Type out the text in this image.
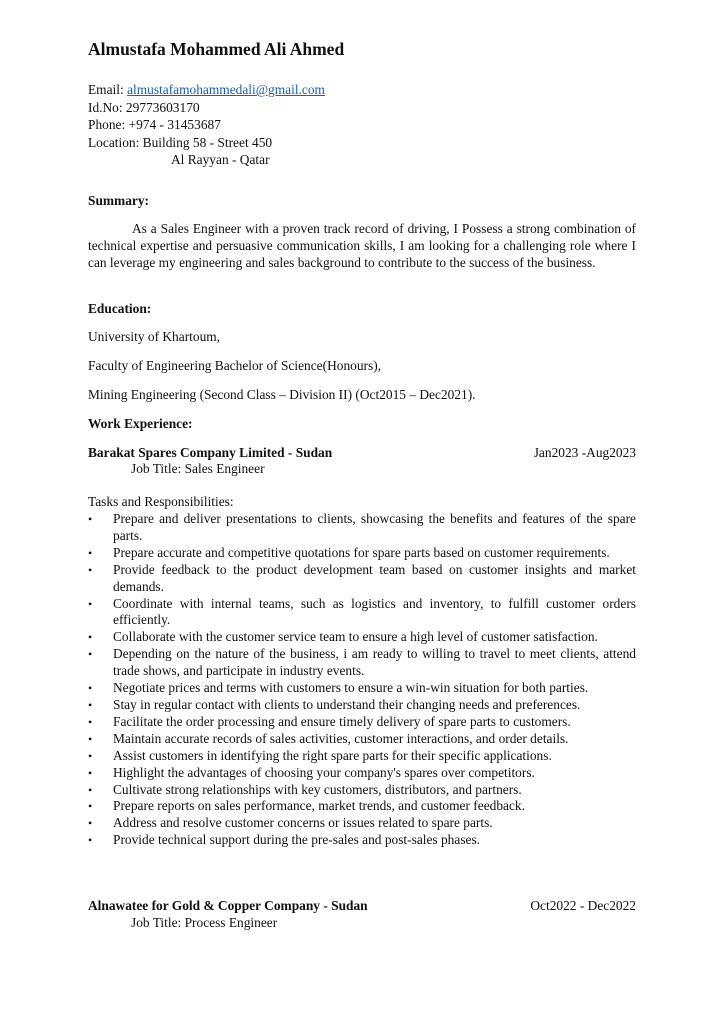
Almustafa Mohammed Ali Ahmed
Email: almustafamohammedali@gmail.com
Id.No: 29773603170
Phone: +974 - 31453687
Location: Building 58 - Street 450
Al Rayyan - Qatar
Summary:
As a Sales Engineer with a proven track record of driving, I Possess a strong combination of technical expertise and persuasive communication skills, I am looking for a challenging role where I can leverage my engineering and sales background to contribute to the success of the business.
Education:
University of Khartoum,
Faculty of Engineering Bachelor of Science(Honours),
Mining Engineering (Second Class – Division II) (Oct2015 – Dec2021).
Work Experience:
Barakat Spares Company Limited - Sudan	Jan2023 -Aug2023
Job Title: Sales Engineer
Tasks and Responsibilities:
• Prepare and deliver presentations to clients, showcasing the benefits and features of the spare parts.
• Prepare accurate and competitive quotations for spare parts based on customer requirements.
• Provide feedback to the product development team based on customer insights and market demands.
• Coordinate with internal teams, such as logistics and inventory, to fulfill customer orders efficiently.
• Collaborate with the customer service team to ensure a high level of customer satisfaction.
• Depending on the nature of the business, i am ready to willing to travel to meet clients, attend trade shows, and participate in industry events.
• Negotiate prices and terms with customers to ensure a win-win situation for both parties.
• Stay in regular contact with clients to understand their changing needs and preferences.
• Facilitate the order processing and ensure timely delivery of spare parts to customers.
• Maintain accurate records of sales activities, customer interactions, and order details.
• Assist customers in identifying the right spare parts for their specific applications.
• Highlight the advantages of choosing your company's spares over competitors.
• Cultivate strong relationships with key customers, distributors, and partners.
• Prepare reports on sales performance, market trends, and customer feedback.
• Address and resolve customer concerns or issues related to spare parts.
• Provide technical support during the pre-sales and post-sales phases.
Alnawatee for Gold & Copper Company - Sudan	Oct2022 - Dec2022
Job Title: Process Engineer
